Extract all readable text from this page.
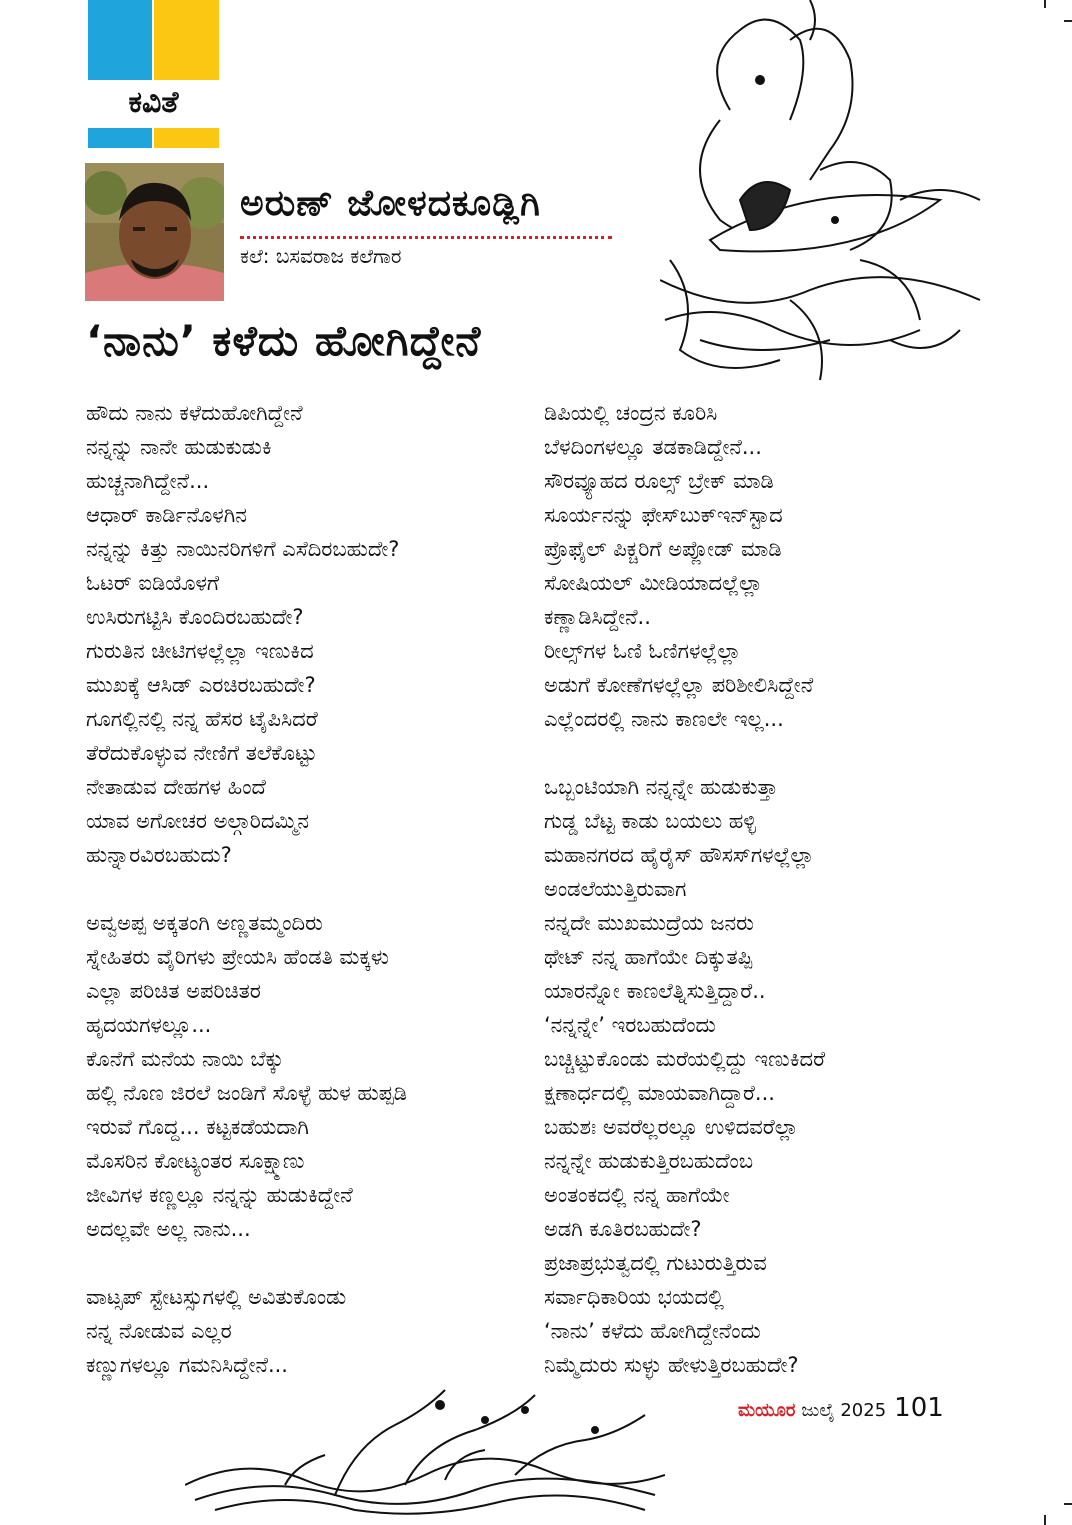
ಕವಿತೆ
ಅರುಣ್ ಜೋಳದಕೂಡ್ಲಿಗಿ
ಕಲೆ: ಬಸವರಾಜ ಕಲೆಗಾರ
‘ನಾನು’ ಕಳೆದು ಹೋಗಿದ್ದೇನೆ
ಹೌದು ನಾನು ಕಳೆದುಹೋಗಿದ್ದೇನೆ
ನನ್ನನ್ನು ನಾನೇ ಹುಡುಕುಡುಕಿ
ಹುಚ್ಚನಾಗಿದ್ದೇನೆ...
ಆಧಾರ್ ಕಾರ್ಡಿನೊಳಗಿನ
ನನ್ನನ್ನು ಕಿತ್ತು ನಾಯಿನರಿಗಳಿಗೆ ಎಸೆದಿರಬಹುದೇ?
ಓಟರ್ ಐಡಿಯೊಳಗೆ
ಉಸಿರುಗಟ್ಟಿಸಿ ಕೊಂದಿರಬಹುದೇ?
ಗುರುತಿನ ಚೀಟಿಗಳಲ್ಲೆಲ್ಲಾ ಇಣುಕಿದ
ಮುಖಕ್ಕೆ ಆಸಿಡ್ ಎರಚಿರಬಹುದೇ?
ಗೂಗಲ್ಲಿನಲ್ಲಿ ನನ್ನ ಹೆಸರ ಟೈಪಿಸಿದರೆ
ತೆರೆದುಕೊಳ್ಳುವ ನೇಣಿಗೆ ತಲೆಕೊಟ್ಟು
ನೇತಾಡುವ ದೇಹಗಳ ಹಿಂದೆ
ಯಾವ ಅಗೋಚರ ಅಲ್ಗಾರಿದಮ್ಮಿನ
ಹುನ್ನಾರವಿರಬಹುದು?
ಅವ್ವಅಪ್ಪ ಅಕ್ಕತಂಗಿ ಅಣ್ಣತಮ್ಮಂದಿರು
ಸ್ನೇಹಿತರು ವೈರಿಗಳು ಪ್ರೇಯಸಿ ಹೆಂಡತಿ ಮಕ್ಕಳು
ಎಲ್ಲಾ ಪರಿಚಿತ ಅಪರಿಚಿತರ
ಹೃದಯಗಳಲ್ಲೂ...
ಕೊನೆಗೆ ಮನೆಯ ನಾಯಿ ಬೆಕ್ಕು
ಹಲ್ಲಿ ನೊಣ ಜಿರಲೆ ಜಂಡಿಗೆ ಸೊಳ್ಳೆ ಹುಳ ಹುಪ್ಪಡಿ
ಇರುವೆ ಗೊದ್ದ... ಕಟ್ಟಕಡೆಯದಾಗಿ
ಮೊಸರಿನ ಕೋಟ್ಯಂತರ ಸೂಕ್ಷ್ಮಾಣು
ಜೀವಿಗಳ ಕಣ್ಣಲ್ಲೂ ನನ್ನನ್ನು ಹುಡುಕಿದ್ದೇನೆ
ಅದಲ್ಲವೇ ಅಲ್ಲ ನಾನು...
ವಾಟ್ಸಪ್ ಸ್ಟೇಟಸ್ಸುಗಳಲ್ಲಿ ಅವಿತುಕೊಂಡು
ನನ್ನ ನೋಡುವ ಎಲ್ಲರ
ಕಣ್ಣುಗಳಲ್ಲೂ ಗಮನಿಸಿದ್ದೇನೆ...
ಡಿಪಿಯಲ್ಲಿ ಚಂದ್ರನ ಕೂರಿಸಿ
ಬೆಳದಿಂಗಳಲ್ಲೂ ತಡಕಾಡಿದ್ದೇನೆ...
ಸೌರವ್ಯೂಹದ ರೂಲ್ಸ್ ಬ್ರೇಕ್ ಮಾಡಿ
ಸೂರ್ಯನನ್ನು ಫೇಸ್‌ಬುಕ್‌ಇನ್‌ಸ್ಟಾದ
ಪ್ರೊಫೈಲ್ ಪಿಕ್ಚರಿಗೆ ಅಪ್ಲೋಡ್ ಮಾಡಿ
ಸೋಷಿಯಲ್ ಮೀಡಿಯಾದಲ್ಲೆಲ್ಲಾ
ಕಣ್ಣಾಡಿಸಿದ್ದೇನೆ..
ರೀಲ್ಸ್‌ಗಳ ಓಣಿ ಓಣಿಗಳಲ್ಲೆಲ್ಲಾ
ಅಡುಗೆ ಕೋಣೆಗಳಲ್ಲೆಲ್ಲಾ ಪರಿಶೀಲಿಸಿದ್ದೇನೆ
ಎಲ್ಲೆಂದರಲ್ಲಿ ನಾನು ಕಾಣಲೇ ಇಲ್ಲ...
ಒಬ್ಬಂಟಿಯಾಗಿ ನನ್ನನ್ನೇ ಹುಡುಕುತ್ತಾ
ಗುಡ್ಡ ಬೆಟ್ಟ ಕಾಡು ಬಯಲು ಹಳ್ಳಿ
ಮಹಾನಗರದ ಹೈರೈಸ್ ಹೌಸಸ್‌ಗಳಲ್ಲೆಲ್ಲಾ
ಅಂಡಲೆಯುತ್ತಿರುವಾಗ
ನನ್ನದೇ ಮುಖಮುದ್ರೆಯ ಜನರು
ಥೇಟ್ ನನ್ನ ಹಾಗೆಯೇ ದಿಕ್ಕುತಪ್ಪಿ
ಯಾರನ್ನೋ ಕಾಣಲೆತ್ನಿಸುತ್ತಿದ್ದಾರೆ..
‘ನನ್ನನ್ನೇ’ ಇರಬಹುದೆಂದು
ಬಚ್ಚಿಟ್ಟುಕೊಂಡು ಮರೆಯಲ್ಲಿದ್ದು ಇಣುಕಿದರೆ
ಕ್ಷಣಾರ್ಧದಲ್ಲಿ ಮಾಯವಾಗಿದ್ದಾರೆ...
ಬಹುಶಃ ಅವರೆಲ್ಲರಲ್ಲೂ ಉಳಿದವರೆಲ್ಲಾ
ನನ್ನನ್ನೇ ಹುಡುಕುತ್ತಿರಬಹುದೆಂಬ
ಅಂತಂಕದಲ್ಲಿ ನನ್ನ ಹಾಗೆಯೇ
ಅಡಗಿ ಕೂತಿರಬಹುದೇ?
ಪ್ರಜಾಪ್ರಭುತ್ವದಲ್ಲಿ ಗುಟುರುತ್ತಿರುವ
ಸರ್ವಾಧಿಕಾರಿಯ ಭಯದಲ್ಲಿ
‘ನಾನು’ ಕಳೆದು ಹೋಗಿದ್ದೇನೆಂದು
ನಿಮ್ಮೆದುರು ಸುಳ್ಳು ಹೇಳುತ್ತಿರಬಹುದೇ?
ಮಯೂರ ಜುಲೈ 2025 101
